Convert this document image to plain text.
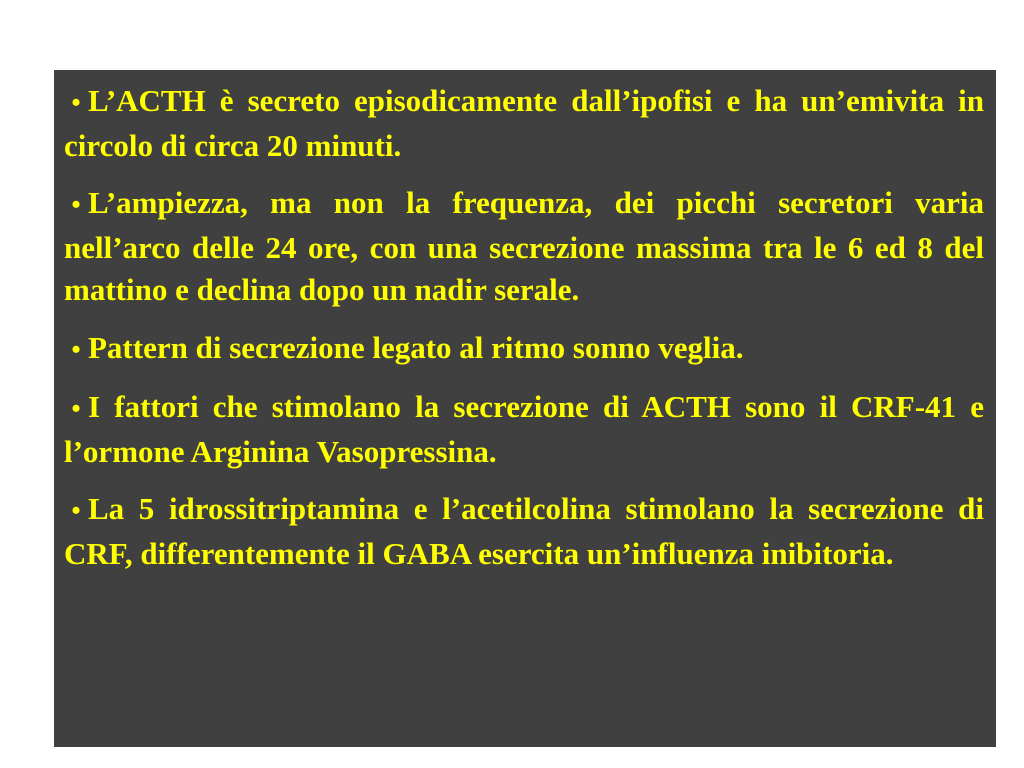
• L’ACTH è secreto episodicamente dall’ipofisi e ha un’emivita in circolo di circa 20 minuti.

• L’ampiezza, ma non la frequenza, dei picchi secretori varia nell’arco delle 24 ore, con una secrezione massima tra le 6 ed 8 del mattino e declina dopo un nadir serale.

• Pattern di secrezione legato al ritmo sonno veglia.

• I fattori che stimolano la secrezione di ACTH sono il CRF-41 e l’ormone Arginina Vasopressina.

• La 5 idrossitriptamina e l’acetilcolina stimolano la secrezione di CRF, differentemente il GABA esercita un’influenza inibitoria.
